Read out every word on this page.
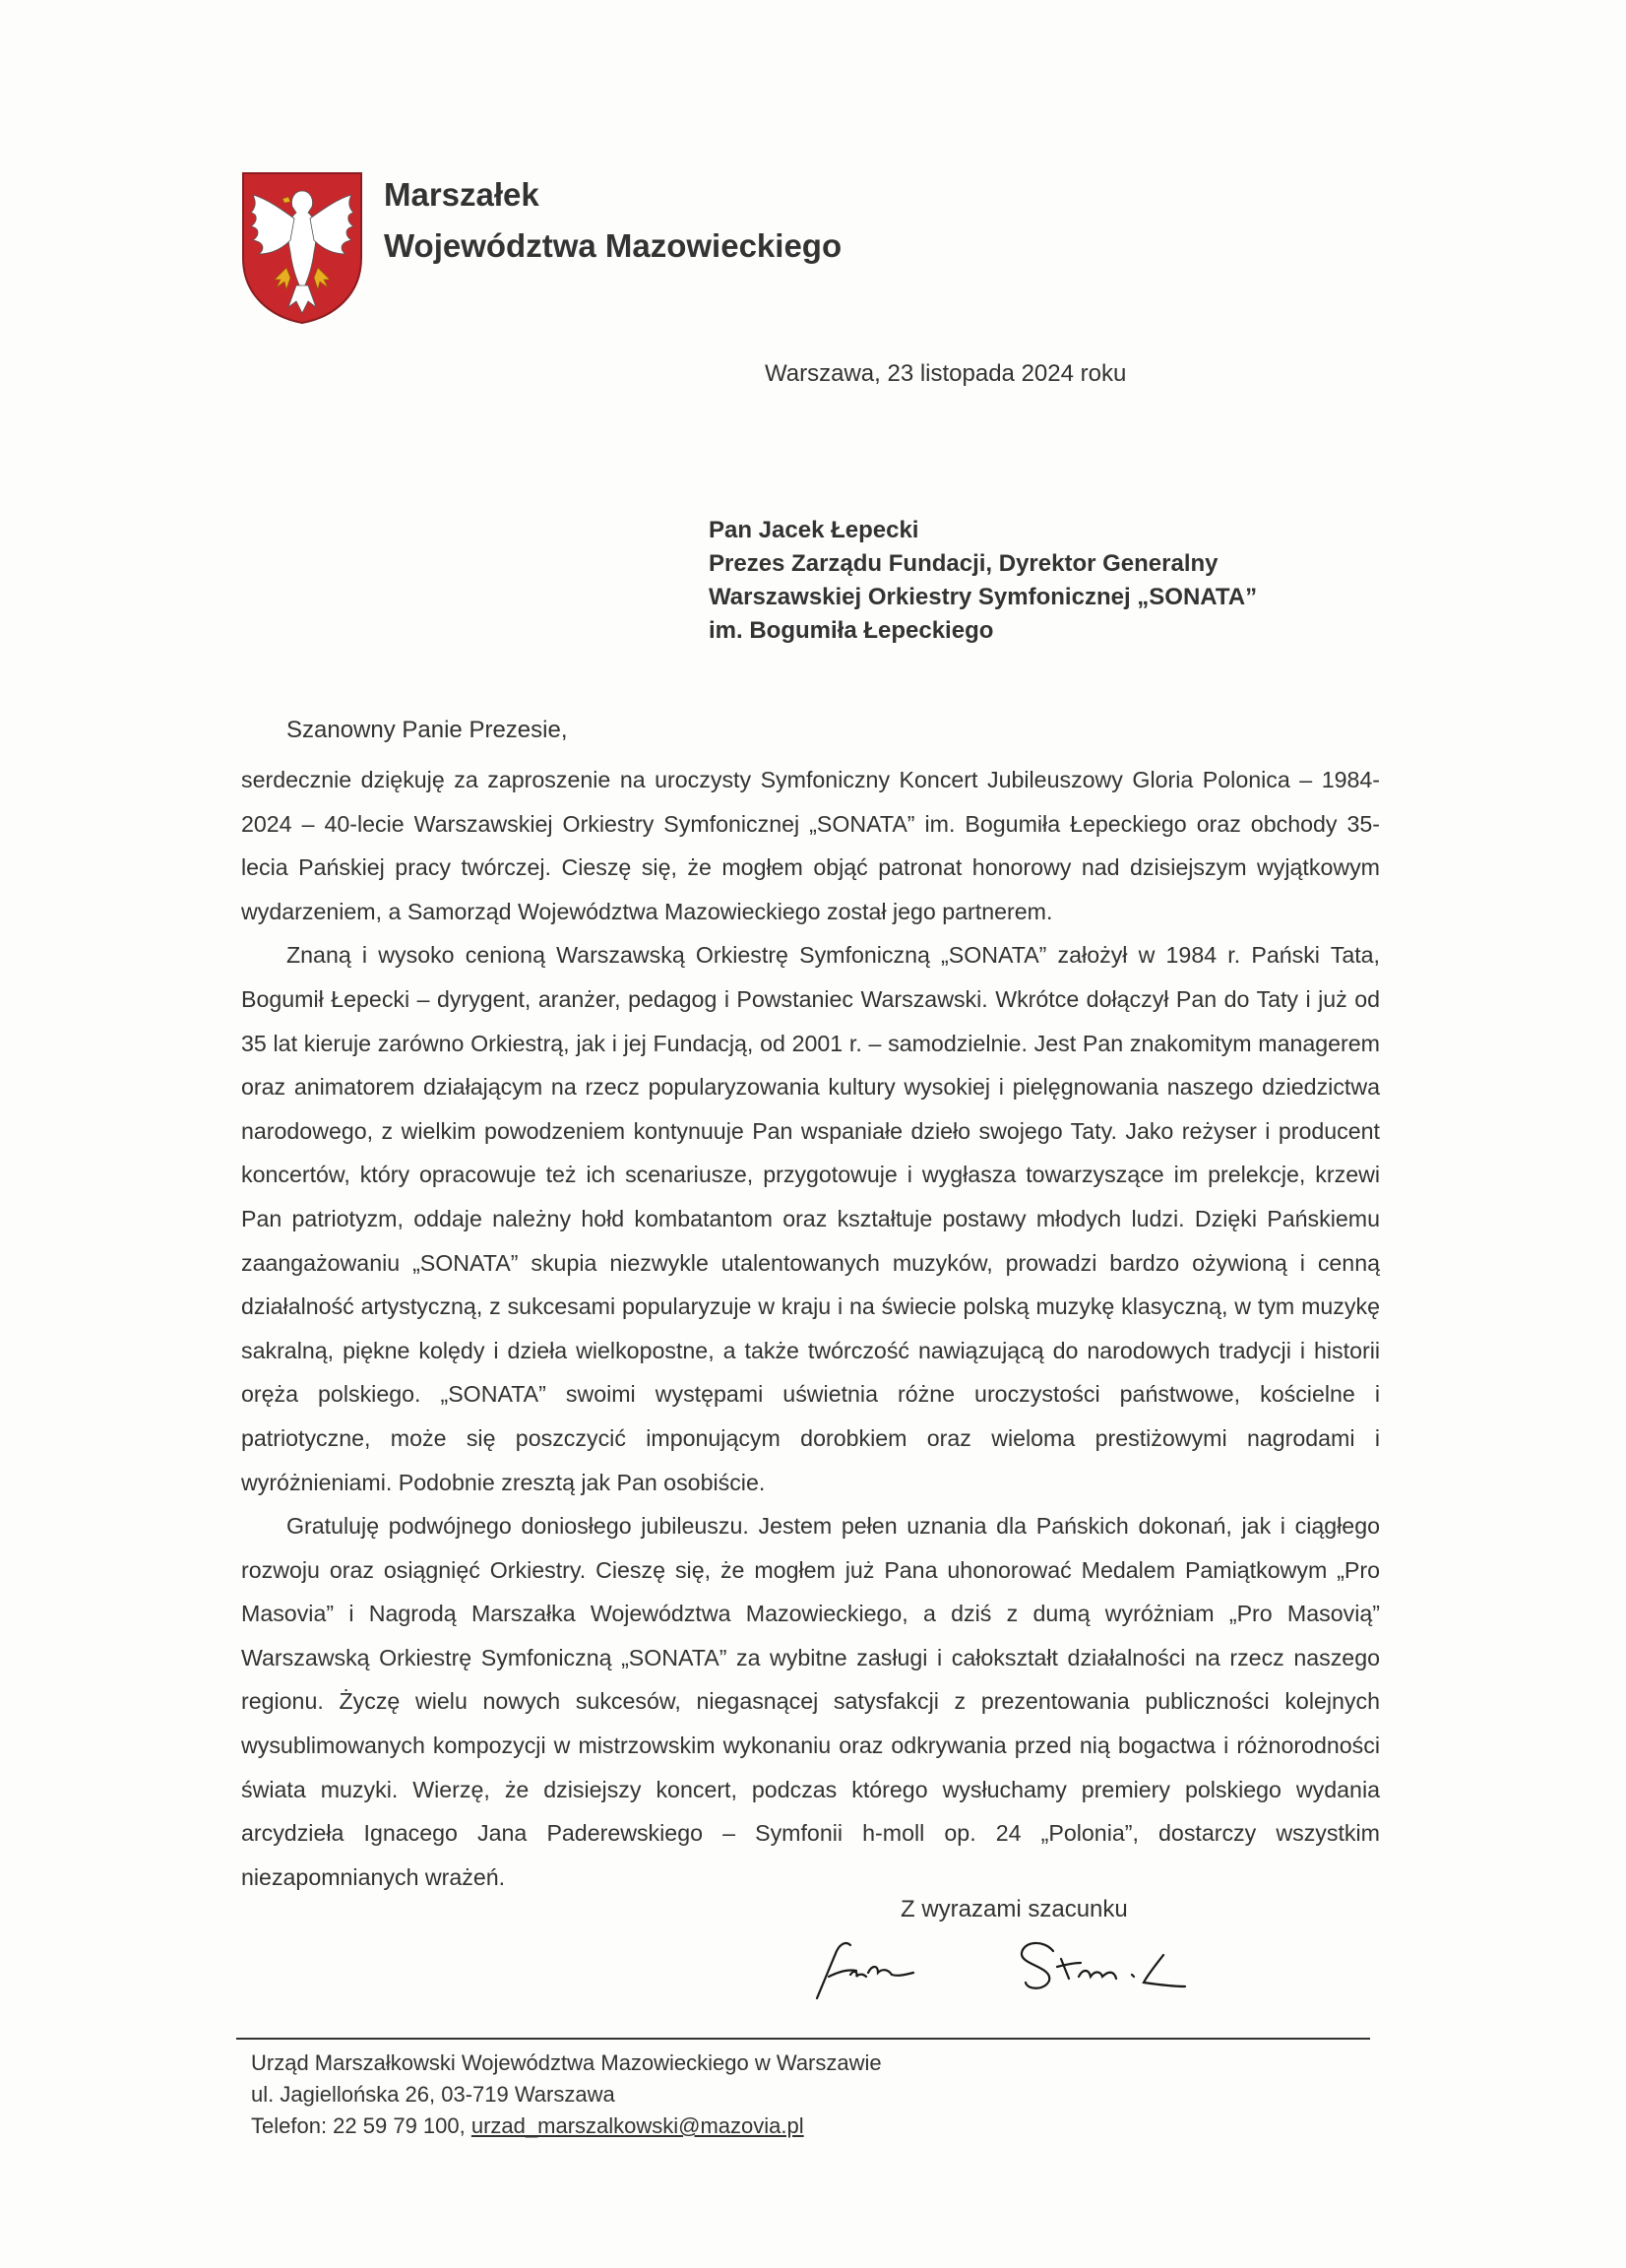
Marszałek
Województwa Mazowieckiego
Warszawa, 23 listopada 2024 roku
Pan Jacek Łepecki
Prezes Zarządu Fundacji, Dyrektor Generalny
Warszawskiej Orkiestry Symfonicznej „SONATA”
im. Bogumiła Łepeckiego
Szanowny Panie Prezesie,

serdecznie dziękuję za zaproszenie na uroczysty Symfoniczny Koncert Jubileuszowy Gloria Polonica – 1984-2024 – 40-lecie Warszawskiej Orkiestry Symfonicznej „SONATA” im. Bogumiła Łepeckiego oraz obchody 35-lecia Pańskiej pracy twórczej. Cieszę się, że mogłem objąć patronat honorowy nad dzisiejszym wyjątkowym wydarzeniem, a Samorząd Województwa Mazowieckiego został jego partnerem.

Znaną i wysoko cenioną Warszawską Orkiestrę Symfoniczną „SONATA” założył w 1984 r. Pański Tata, Bogumił Łepecki – dyrygent, aranżer, pedagog i Powstaniec Warszawski. Wkrótce dołączył Pan do Taty i już od 35 lat kieruje zarówno Orkiestrą, jak i jej Fundacją, od 2001 r. – samodzielnie. Jest Pan znakomitym managerem oraz animatorem działającym na rzecz popularyzowania kultury wysokiej i pielęgnowania naszego dziedzictwa narodowego, z wielkim powodzeniem kontynuuje Pan wspaniałe dzieło swojego Taty. Jako reżyser i producent koncertów, który opracowuje też ich scenariusze, przygotowuje i wygłasza towarzyszące im prelekcje, krzewi Pan patriotyzm, oddaje należny hołd kombatantom oraz kształtuje postawy młodych ludzi. Dzięki Pańskiemu zaangażowaniu „SONATA” skupia niezwykle utalentowanych muzyków, prowadzi bardzo ożywioną i cenną działalność artystyczną, z sukcesami popularyzuje w kraju i na świecie polską muzykę klasyczną, w tym muzykę sakralną, piękne kolędy i dzieła wielkopostne, a także twórczość nawiązującą do narodowych tradycji i historii oręża polskiego. „SONATA” swoimi występami uświetnia różne uroczystości państwowe, kościelne i patriotyczne, może się poszczycić imponującym dorobkiem oraz wieloma prestiżowymi nagrodami i wyróżnieniami. Podobnie zresztą jak Pan osobiście.

Gratuluję podwójnego doniosłego jubileuszu. Jestem pełen uznania dla Pańskich dokonań, jak i ciągłego rozwoju oraz osiągnięć Orkiestry. Cieszę się, że mogłem już Pana uhonorować Medalem Pamiątkowym „Pro Masovia” i Nagrodą Marszałka Województwa Mazowieckiego, a dziś z dumą wyróżniam „Pro Masovią” Warszawską Orkiestrę Symfoniczną „SONATA” za wybitne zasługi i całokształt działalności na rzecz naszego regionu. Życzę wielu nowych sukcesów, niegasnącej satysfakcji z prezentowania publiczności kolejnych wysublimowanych kompozycji w mistrzowskim wykonaniu oraz odkrywania przed nią bogactwa i różnorodności świata muzyki. Wierzę, że dzisiejszy koncert, podczas którego wysłuchamy premiery polskiego wydania arcydzieła Ignacego Jana Paderewskiego – Symfonii h-moll op. 24 „Polonia”, dostarczy wszystkim niezapomnianych wrażeń.

Z wyrazami szacunku
Urząd Marszałkowski Województwa Mazowieckiego w Warszawie
ul. Jagiellońska 26, 03-719 Warszawa
Telefon: 22 59 79 100, urzad_marszalkowski@mazovia.pl
